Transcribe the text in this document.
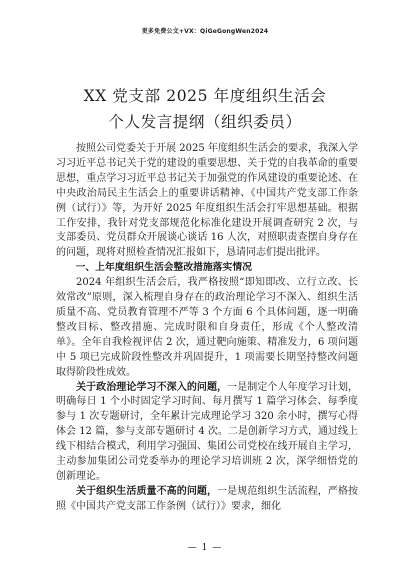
更多免费公文+VX：QiGeGongWen2024
XX 党支部 2025 年度组织生活会
个人发言提纲（组织委员）

按照公司党委关于开展 2025 年度组织生活会的要求，我深入学习习近平总书记关于党的建设的重要思想、关于党的自我革命的重要思想，重点学习习近平总书记关于加强党的作风建设的重要论述、在中央政治局民主生活会上的重要讲话精神、《中国共产党支部工作条例（试行）》等，为开好 2025 年度组织生活会打牢思想基础。根据工作安排，我针对党支部规范化标准化建设开展调查研究 2 次，与支部委员、党员群众开展谈心谈话 16 人次，对照职责查摆自身存在的问题，现将对照检查情况汇报如下，恳请同志们提出批评。

一、上年度组织生活会整改措施落实情况

2024 年组织生活会后，我严格按照“即知即改、立行立改、长效常改”原则，深入梳理自身存在的政治理论学习不深入、组织生活质量不高、党员教育管理不严等 3 个方面 6 个具体问题，逐一明确整改目标、整改措施、完成时限和自身责任，形成《个人整改清单》。全年自我检视评估 2 次，通过靶向施策、精准发力，6 项问题中 5 项已完成阶段性整改并巩固提升，1 项需要长期坚持整改问题取得阶段性成效。

关于政治理论学习不深入的问题，一是制定个人年度学习计划，明确每日 1 个小时固定学习时间、每月撰写 1 篇学习体会、每季度参与 1 次专题研讨，全年累计完成理论学习 320 余小时，撰写心得体会 12 篇，参与支部专题研讨 4 次。二是创新学习方式，通过线上线下相结合模式，利用学习强国、集团公司党校在线开展自主学习，主动参加集团公司党委举办的理论学习培训班 2 次，深学细悟党的创新理论。

关于组织生活质量不高的问题，一是规范组织生活流程，严格按照《中国共产党支部工作条例（试行）》要求，细化

— 1 —
